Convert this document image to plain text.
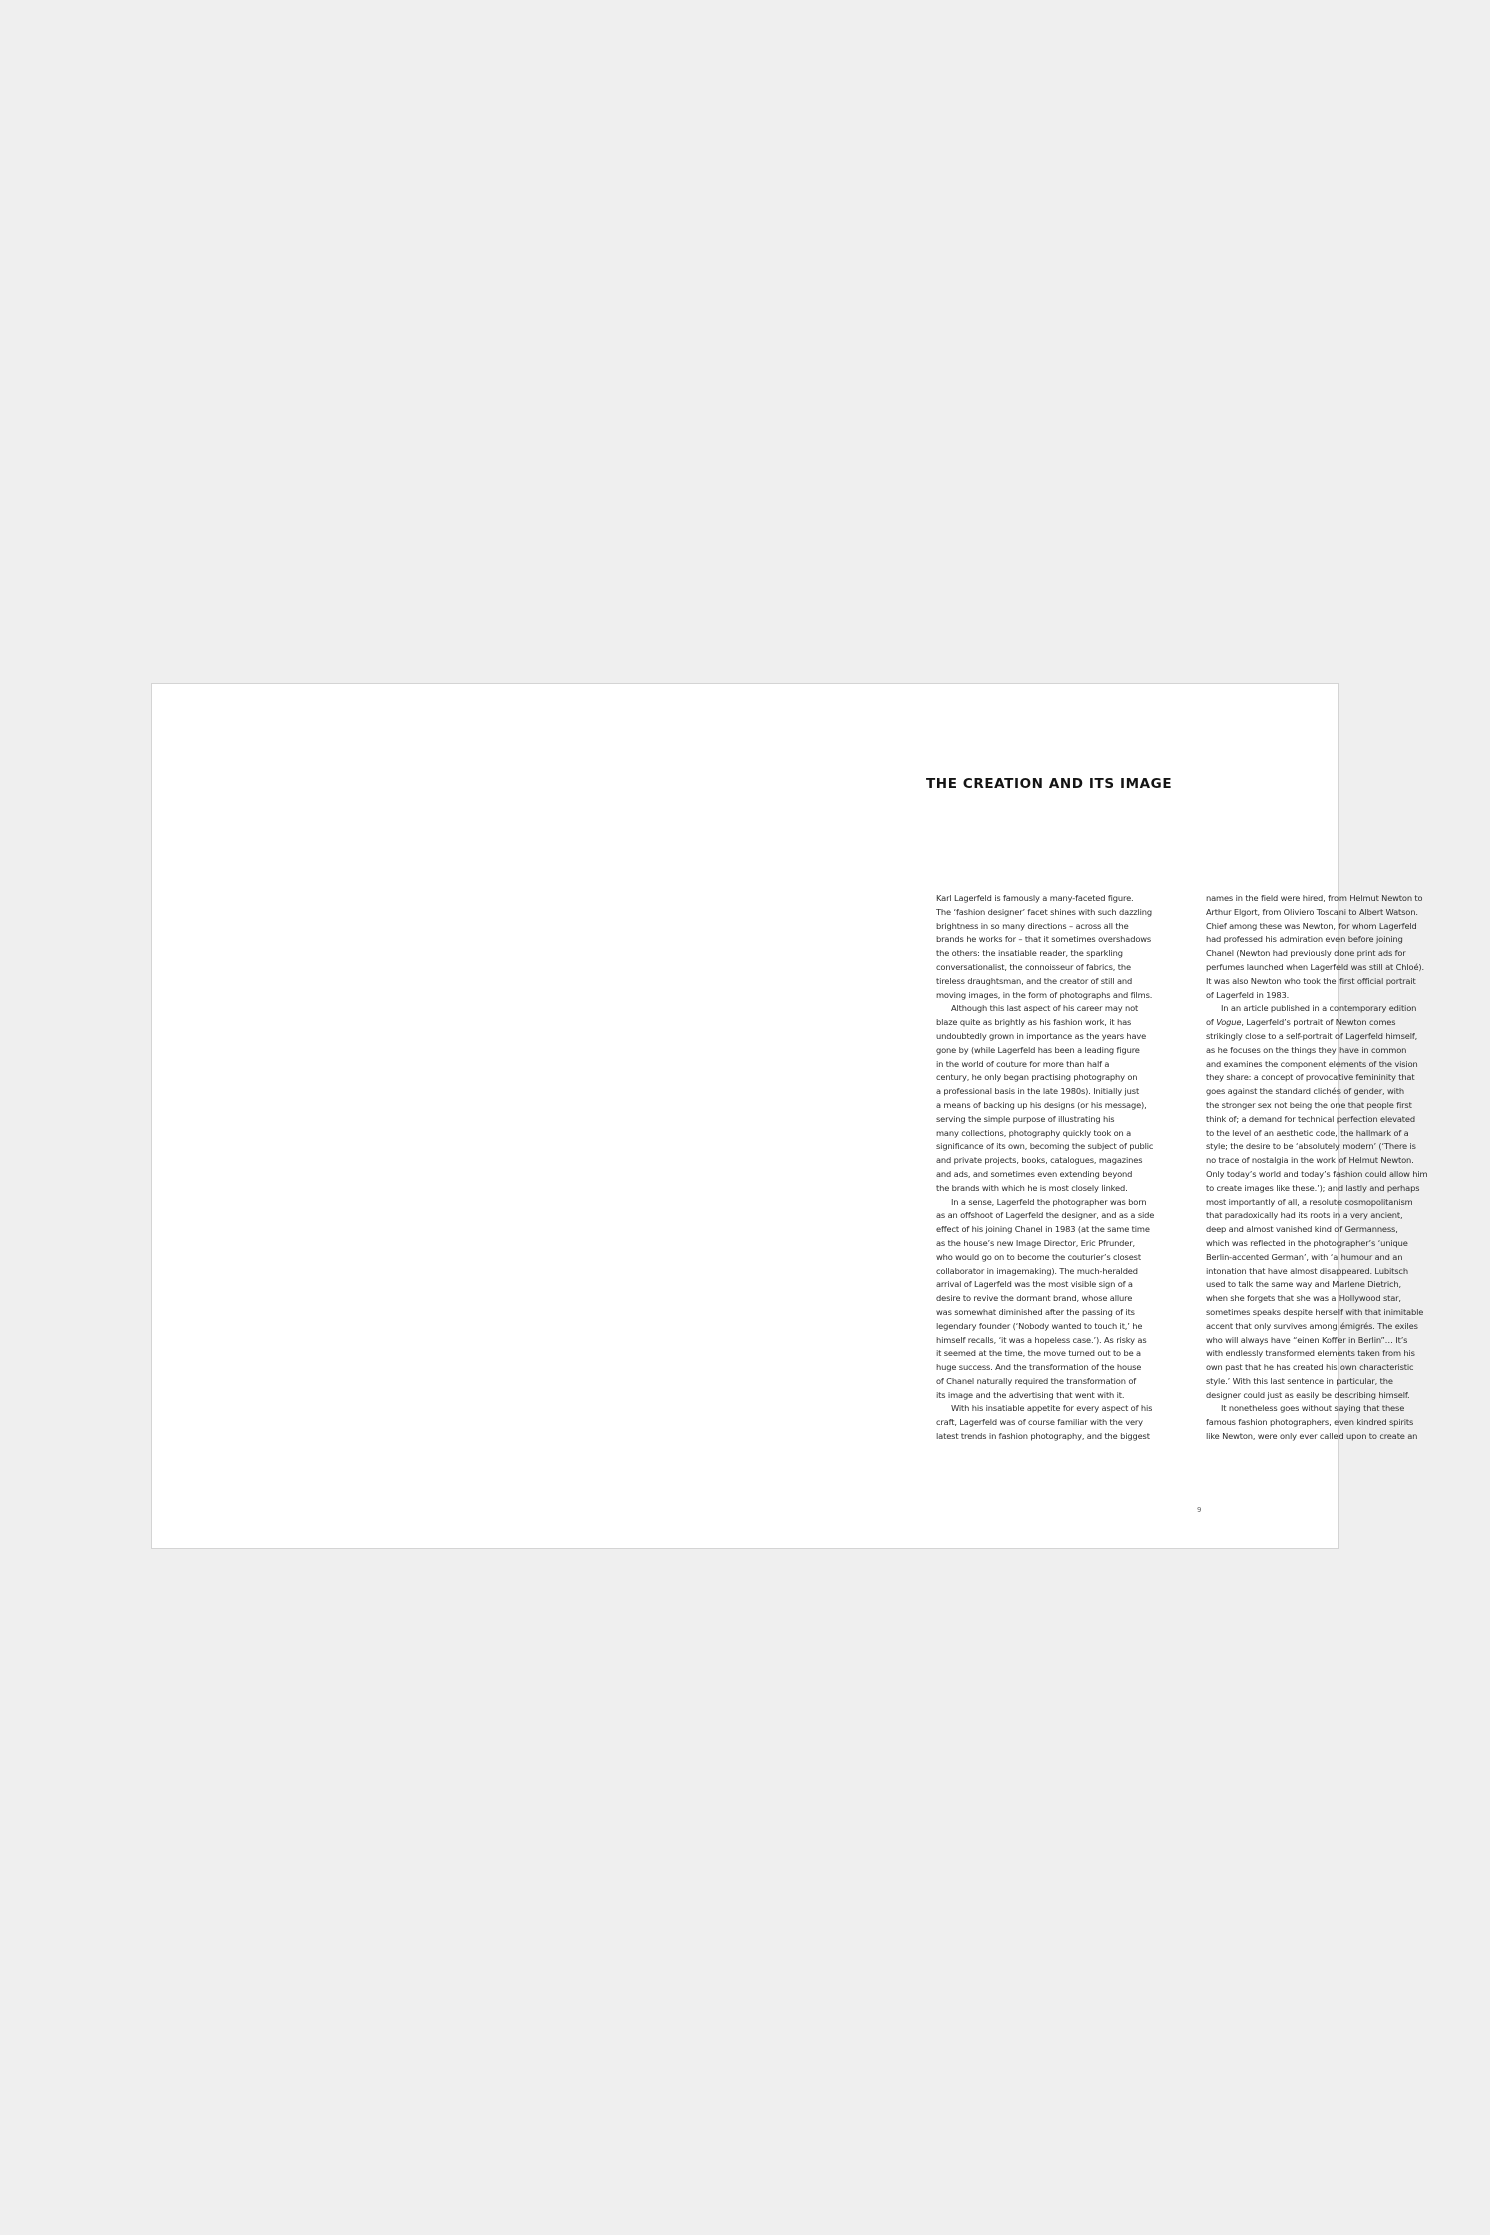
THE CREATION AND ITS IMAGE
Karl Lagerfeld is famously a many-faceted figure.
The ‘fashion designer’ facet shines with such dazzling
brightness in so many directions – across all the
brands he works for – that it sometimes overshadows
the others: the insatiable reader, the sparkling
conversationalist, the connoisseur of fabrics, the
tireless draughtsman, and the creator of still and
moving images, in the form of photographs and films.
Although this last aspect of his career may not
blaze quite as brightly as his fashion work, it has
undoubtedly grown in importance as the years have
gone by (while Lagerfeld has been a leading figure
in the world of couture for more than half a
century, he only began practising photography on
a professional basis in the late 1980s). Initially just
a means of backing up his designs (or his message),
serving the simple purpose of illustrating his
many collections, photography quickly took on a
significance of its own, becoming the subject of public
and private projects, books, catalogues, magazines
and ads, and sometimes even extending beyond
the brands with which he is most closely linked.
In a sense, Lagerfeld the photographer was born
as an offshoot of Lagerfeld the designer, and as a side
effect of his joining Chanel in 1983 (at the same time
as the house’s new Image Director, Eric Pfrunder,
who would go on to become the couturier’s closest
collaborator in imagemaking). The much-heralded
arrival of Lagerfeld was the most visible sign of a
desire to revive the dormant brand, whose allure
was somewhat diminished after the passing of its
legendary founder (‘Nobody wanted to touch it,’ he
himself recalls, ‘it was a hopeless case.’). As risky as
it seemed at the time, the move turned out to be a
huge success. And the transformation of the house
of Chanel naturally required the transformation of
its image and the advertising that went with it.
With his insatiable appetite for every aspect of his
craft, Lagerfeld was of course familiar with the very
latest trends in fashion photography, and the biggest
names in the field were hired, from Helmut Newton to
Arthur Elgort, from Oliviero Toscani to Albert Watson.
Chief among these was Newton, for whom Lagerfeld
had professed his admiration even before joining
Chanel (Newton had previously done print ads for
perfumes launched when Lagerfeld was still at Chloé).
It was also Newton who took the first official portrait
of Lagerfeld in 1983.
In an article published in a contemporary edition
of Vogue, Lagerfeld’s portrait of Newton comes
strikingly close to a self-portrait of Lagerfeld himself,
as he focuses on the things they have in common
and examines the component elements of the vision
they share: a concept of provocative femininity that
goes against the standard clichés of gender, with
the stronger sex not being the one that people first
think of; a demand for technical perfection elevated
to the level of an aesthetic code, the hallmark of a
style; the desire to be ‘absolutely modern’ (‘There is
no trace of nostalgia in the work of Helmut Newton.
Only today’s world and today’s fashion could allow him
to create images like these.’); and lastly and perhaps
most importantly of all, a resolute cosmopolitanism
that paradoxically had its roots in a very ancient,
deep and almost vanished kind of Germanness,
which was reflected in the photographer’s ‘unique
Berlin-accented German’, with ‘a humour and an
intonation that have almost disappeared. Lubitsch
used to talk the same way and Marlene Dietrich,
when she forgets that she was a Hollywood star,
sometimes speaks despite herself with that inimitable
accent that only survives among émigrés. The exiles
who will always have “einen Koffer in Berlin”… It’s
with endlessly transformed elements taken from his
own past that he has created his own characteristic
style.’ With this last sentence in particular, the
designer could just as easily be describing himself.
It nonetheless goes without saying that these
famous fashion photographers, even kindred spirits
like Newton, were only ever called upon to create an
9
